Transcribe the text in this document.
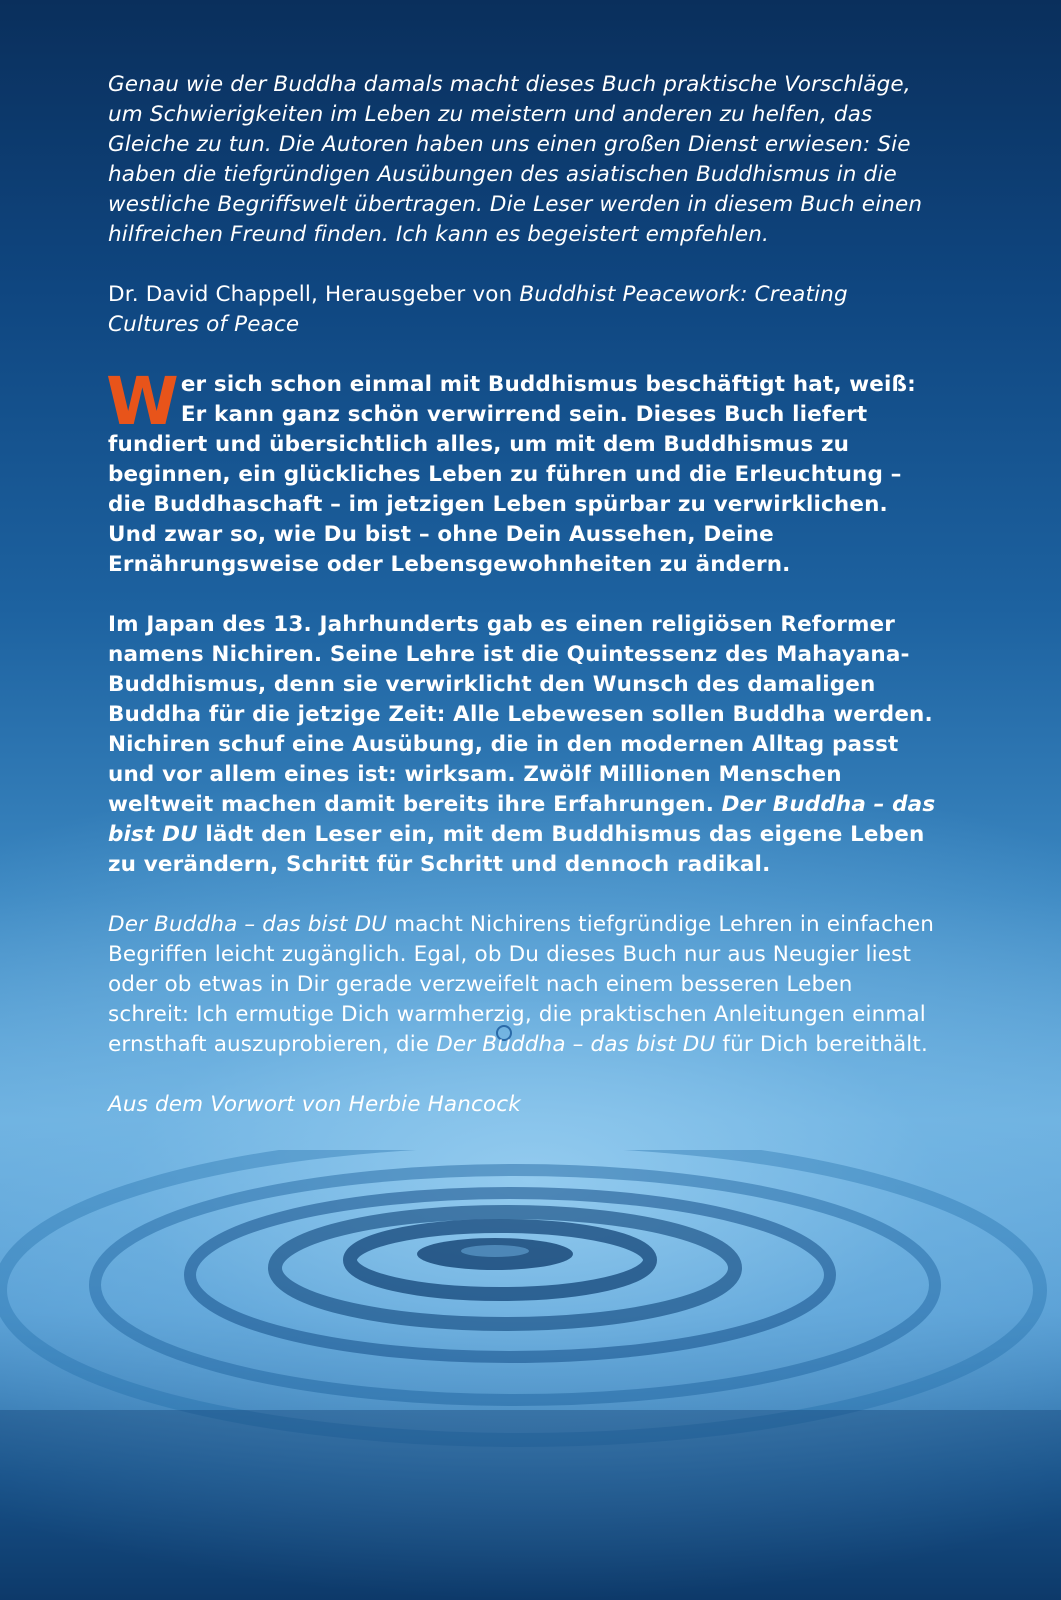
Genau wie der Buddha damals macht dieses Buch praktische Vorschläge, um Schwierigkeiten im Leben zu meistern und anderen zu helfen, das Gleiche zu tun. Die Autoren haben uns einen großen Dienst erwiesen: Sie haben die tiefgründigen Ausübungen des asiatischen Buddhismus in die westliche Begriffswelt übertragen. Die Leser werden in diesem Buch einen hilfreichen Freund finden. Ich kann es begeistert empfehlen.

Dr. David Chappell, Herausgeber von Buddhist Peacework: Creating Cultures of Peace

Wer sich schon einmal mit Buddhismus beschäftigt hat, weiß: Er kann ganz schön verwirrend sein. Dieses Buch liefert fundiert und übersichtlich alles, um mit dem Buddhismus zu beginnen, ein glückliches Leben zu führen und die Erleuchtung – die Buddhaschaft – im jetzigen Leben spürbar zu verwirklichen. Und zwar so, wie Du bist – ohne Dein Aussehen, Deine Ernährungsweise oder Lebensgewohnheiten zu ändern.

Im Japan des 13. Jahrhunderts gab es einen religiösen Reformer namens Nichiren. Seine Lehre ist die Quintessenz des Mahayana-Buddhismus, denn sie verwirklicht den Wunsch des damaligen Buddha für die jetzige Zeit: Alle Lebewesen sollen Buddha werden. Nichiren schuf eine Ausübung, die in den modernen Alltag passt und vor allem eines ist: wirksam. Zwölf Millionen Menschen weltweit machen damit bereits ihre Erfahrungen. Der Buddha – das bist DU lädt den Leser ein, mit dem Buddhismus das eigene Leben zu verändern, Schritt für Schritt und dennoch radikal.

Der Buddha – das bist DU macht Nichirens tiefgründige Lehren in einfachen Begriffen leicht zugänglich. Egal, ob Du dieses Buch nur aus Neugier liest oder ob etwas in Dir gerade verzweifelt nach einem besseren Leben schreit: Ich ermutige Dich warmherzig, die praktischen Anleitungen einmal ernsthaft auszuprobieren, die Der Buddha – das bist DU für Dich bereithält.

Aus dem Vorwort von Herbie Hancock
